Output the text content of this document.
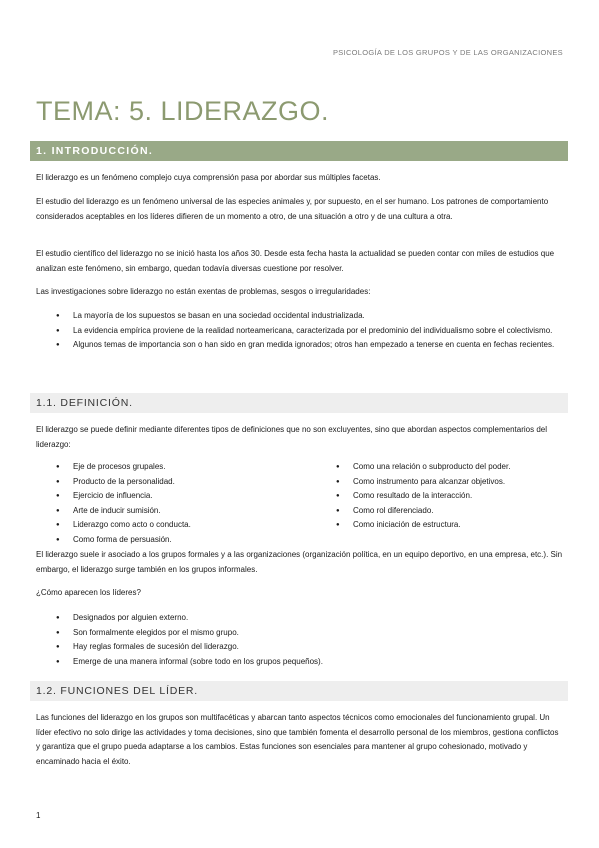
PSICOLOGÍA DE LOS GRUPOS Y DE LAS ORGANIZACIONES
TEMA: 5. LIDERAZGO.
1. INTRODUCCIÓN.

El liderazgo es un fenómeno complejo cuya comprensión pasa por abordar sus múltiples facetas.

El estudio del liderazgo es un fenómeno universal de las especies animales y, por supuesto, en el ser humano. Los patrones de comportamiento considerados aceptables en los líderes difieren de un momento a otro, de una situación a otro y de una cultura a otra.

El estudio científico del liderazgo no se inició hasta los años 30. Desde esta fecha hasta la actualidad se pueden contar con miles de estudios que analizan este fenómeno, sin embargo, quedan todavía diversas cuestione por resolver.

Las investigaciones sobre liderazgo no están exentas de problemas, sesgos o irregularidades:

● La mayoría de los supuestos se basan en una sociedad occidental industrializada.
● La evidencia empírica proviene de la realidad norteamericana, caracterizada por el predominio del individualismo sobre el colectivismo.
● Algunos temas de importancia son o han sido en gran medida ignorados; otros han empezado a tenerse en cuenta en fechas recientes.
1.1. DEFINICIÓN.

El liderazgo se puede definir mediante diferentes tipos de definiciones que no son excluyentes, sino que abordan aspectos complementarios del liderazgo:

● Eje de procesos grupales.
● Producto de la personalidad.
● Ejercicio de influencia.
● Arte de inducir sumisión.
● Liderazgo como acto o conducta.
● Como forma de persuasión.
● Como una relación o subproducto del poder.
● Como instrumento para alcanzar objetivos.
● Como resultado de la interacción.
● Como rol diferenciado.
● Como iniciación de estructura.

El liderazgo suele ir asociado a los grupos formales y a las organizaciones (organización política, en un equipo deportivo, en una empresa, etc.). Sin embargo, el liderazgo surge también en los grupos informales.

¿Cómo aparecen los líderes?

● Designados por alguien externo.
● Son formalmente elegidos por el mismo grupo.
● Hay reglas formales de sucesión del liderazgo.
● Emerge de una manera informal (sobre todo en los grupos pequeños).
1.2. FUNCIONES DEL LÍDER.

Las funciones del liderazgo en los grupos son multifacéticas y abarcan tanto aspectos técnicos como emocionales del funcionamiento grupal. Un líder efectivo no solo dirige las actividades y toma decisiones, sino que también fomenta el desarrollo personal de los miembros, gestiona conflictos y garantiza que el grupo pueda adaptarse a los cambios. Estas funciones son esenciales para mantener al grupo cohesionado, motivado y encaminado hacia el éxito.

1
